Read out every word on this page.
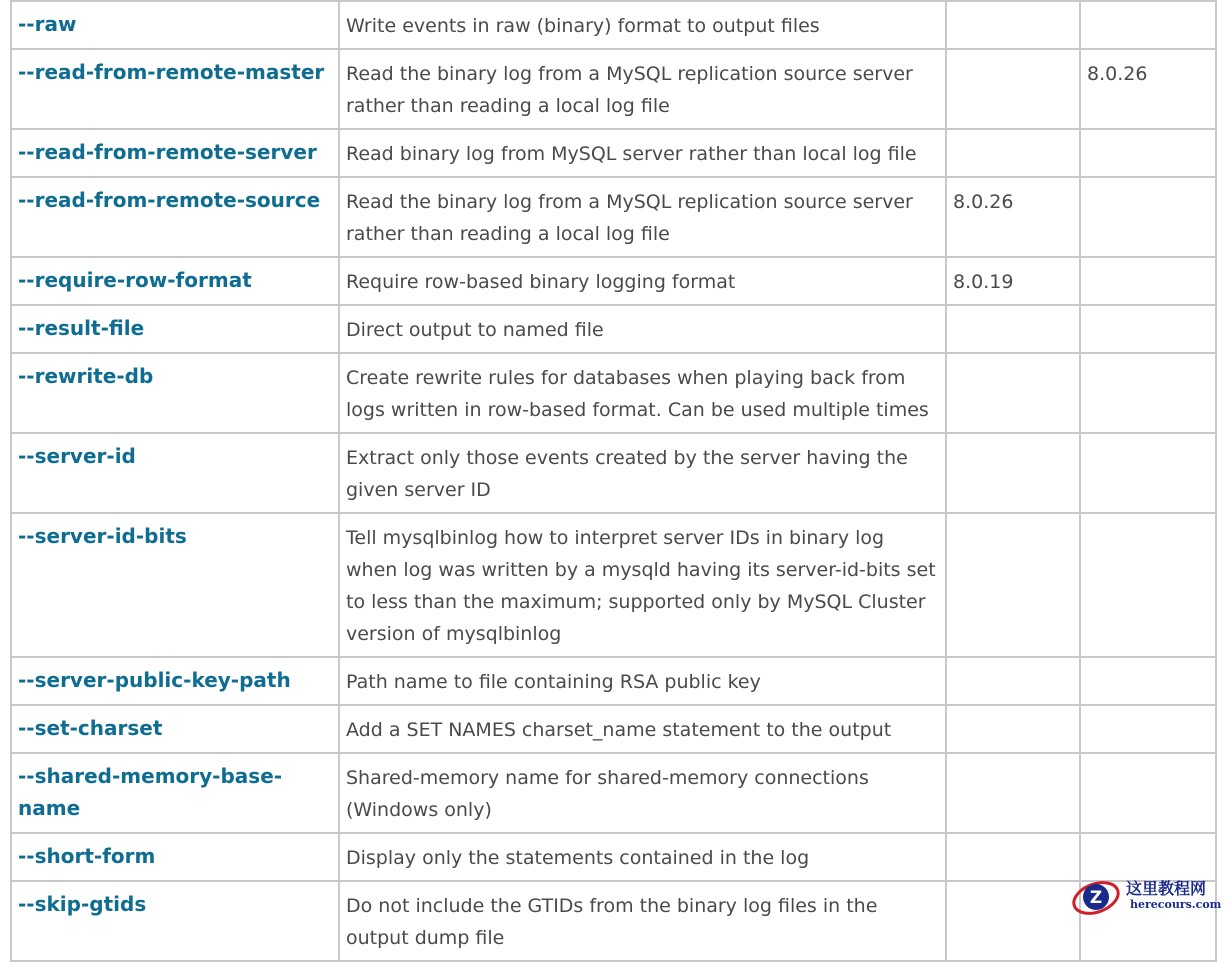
--raw	Write events in raw (binary) format to output files		
--read-from-remote-master	Read the binary log from a MySQL replication source server rather than reading a local log file		8.0.26
--read-from-remote-server	Read binary log from MySQL server rather than local log file		
--read-from-remote-source	Read the binary log from a MySQL replication source server rather than reading a local log file	8.0.26	
--require-row-format	Require row-based binary logging format	8.0.19	
--result-file	Direct output to named file		
--rewrite-db	Create rewrite rules for databases when playing back from logs written in row-based format. Can be used multiple times		
--server-id	Extract only those events created by the server having the given server ID		
--server-id-bits	Tell mysqlbinlog how to interpret server IDs in binary log when log was written by a mysqld having its server-id-bits set to less than the maximum; supported only by MySQL Cluster version of mysqlbinlog		
--server-public-key-path	Path name to file containing RSA public key		
--set-charset	Add a SET NAMES charset_name statement to the output		
--shared-memory-base-name	Shared-memory name for shared-memory connections (Windows only)		
--short-form	Display only the statements contained in the log		
--skip-gtids	Do not include the GTIDs from the binary log files in the output dump file		
Z 这里教程网
herecours.com
